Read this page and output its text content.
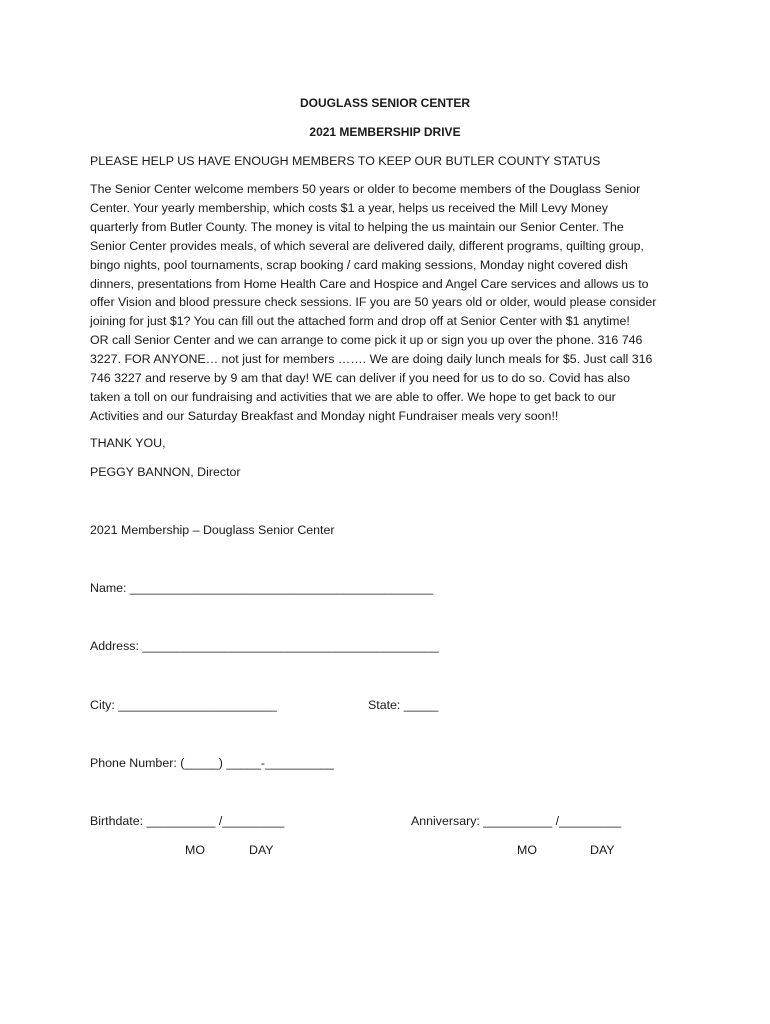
DOUGLASS SENIOR CENTER
2021 MEMBERSHIP DRIVE
PLEASE HELP US HAVE ENOUGH MEMBERS TO KEEP OUR BUTLER COUNTY STATUS
The Senior Center welcome members 50 years or older to become members of the Douglass Senior
Center. Your yearly membership, which costs $1 a year, helps us received the Mill Levy Money
quarterly from Butler County. The money is vital to helping the us maintain our Senior Center. The
Senior Center provides meals, of which several are delivered daily, different programs, quilting group,
bingo nights, pool tournaments, scrap booking / card making sessions, Monday night covered dish
dinners, presentations from Home Health Care and Hospice and Angel Care services and allows us to
offer Vision and blood pressure check sessions. IF you are 50 years old or older, would please consider
joining for just $1? You can fill out the attached form and drop off at Senior Center with $1 anytime!
OR call Senior Center and we can arrange to come pick it up or sign you up over the phone. 316 746
3227. FOR ANYONE… not just for members ……. We are doing daily lunch meals for $5. Just call 316
746 3227 and reserve by 9 am that day! WE can deliver if you need for us to do so. Covid has also
taken a toll on our fundraising and activities that we are able to offer. We hope to get back to our
Activities and our Saturday Breakfast and Monday night Fundraiser meals very soon!!
THANK YOU,
PEGGY BANNON, Director
2021 Membership – Douglass Senior Center
Name: ____________________________________________
Address: ___________________________________________
City: _______________________	State: _____
Phone Number: (_____) _____-__________
Birthdate: __________ /_________	Anniversary: __________ /_________
MO	DAY	MO	DAY
